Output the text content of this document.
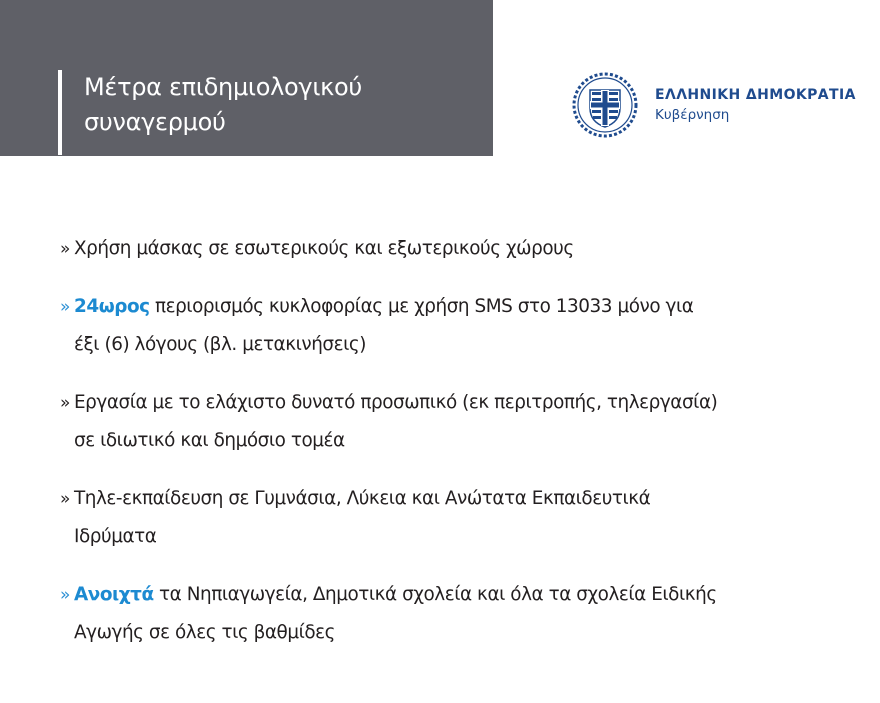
Μέτρα επιδημιολογικού
συναγερμού
ΕΛΛΗΝΙΚΗ ΔΗΜΟΚΡΑΤΙΑ
Κυβέρνηση
» Χρήση μάσκας σε εσωτερικούς και εξωτερικούς χώρους
» 24ωρος περιορισμός κυκλοφορίας με χρήση SMS στο 13033 μόνο για
έξι (6) λόγους (βλ. μετακινήσεις)
» Εργασία με το ελάχιστο δυνατό προσωπικό (εκ περιτροπής, τηλεργασία)
σε ιδιωτικό και δημόσιο τομέα
» Τηλε-εκπαίδευση σε Γυμνάσια, Λύκεια και Ανώτατα Εκπαιδευτικά
Ιδρύματα
» Ανοιχτά τα Νηπιαγωγεία, Δημοτικά σχολεία και όλα τα σχολεία Ειδικής
Αγωγής σε όλες τις βαθμίδες
